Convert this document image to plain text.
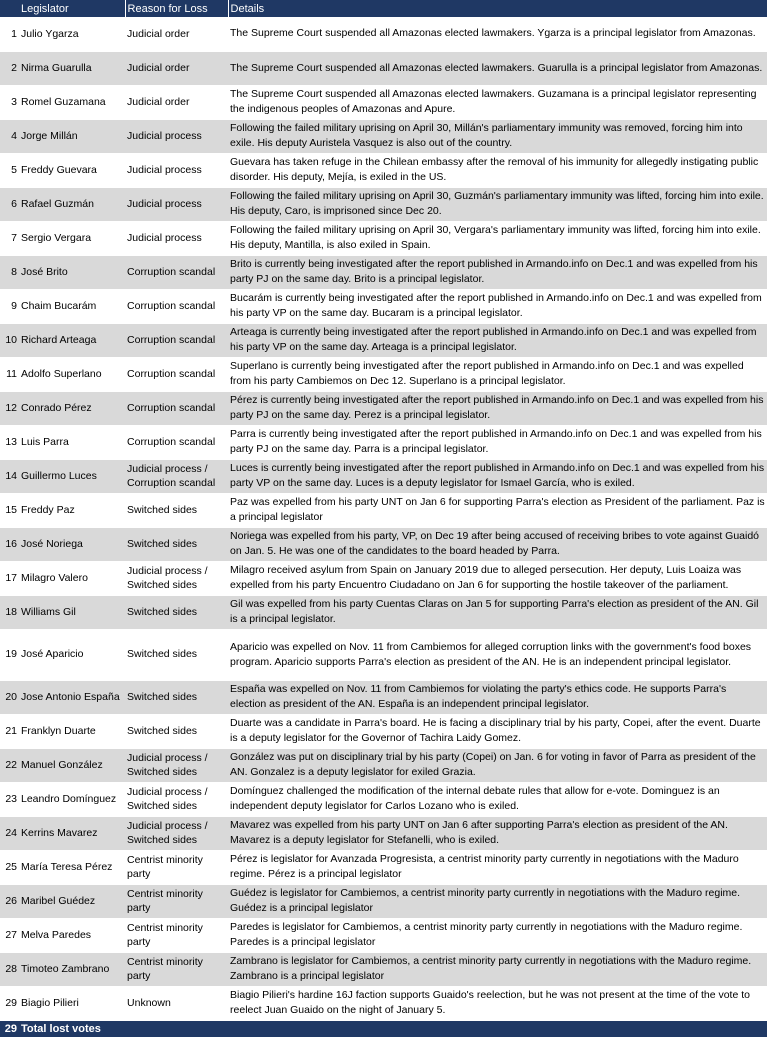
Legislator		Reason for Loss	Details
1	Julio Ygarza	Judicial order	The Supreme Court suspended all Amazonas elected lawmakers. Ygarza is a principal legislator from Amazonas.
2	Nirma Guarulla	Judicial order	The Supreme Court suspended all Amazonas elected lawmakers. Guarulla is a principal legislator from Amazonas.
3	Romel Guzamana	Judicial order	The Supreme Court suspended all Amazonas elected lawmakers. Guzamana is a principal legislator representing the indigenous peoples of Amazonas and Apure.
4	Jorge Millán	Judicial process	Following the failed military uprising on April 30, Millán's parliamentary immunity was removed, forcing him into exile. His deputy Auristela Vasquez is also out of the country.
5	Freddy Guevara	Judicial process	Guevara has taken refuge in the Chilean embassy after the removal of his immunity for allegedly instigating public disorder. His deputy, Mejía, is exiled in the US.
6	Rafael Guzmán	Judicial process	Following the failed military uprising on April 30, Guzmán's parliamentary immunity was lifted, forcing him into exile. His deputy, Caro, is imprisoned since Dec 20.
7	Sergio Vergara	Judicial process	Following the failed military uprising on April 30, Vergara's parliamentary immunity was lifted, forcing him into exile. His deputy, Mantilla, is also exiled in Spain.
8	José Brito	Corruption scandal	Brito is currently being investigated after the report published in Armando.info on Dec.1 and was expelled from his party PJ on the same day. Brito is a principal legislator.
9	Chaim Bucarám	Corruption scandal	Bucarám is currently being investigated after the report published in Armando.info on Dec.1 and was expelled from his party VP on the same day. Bucaram is a principal legislator.
10	Richard Arteaga	Corruption scandal	Arteaga is currently being investigated after the report published in Armando.info on Dec.1 and was expelled from his party VP on the same day. Arteaga is a principal legislator.
11	Adolfo Superlano	Corruption scandal	Superlano is currently being investigated after the report published in Armando.info on Dec.1 and was expelled from his party Cambiemos on Dec 12. Superlano is a principal legislator.
12	Conrado Pérez	Corruption scandal	Pérez is currently being investigated after the report published in Armando.info on Dec.1 and was expelled from his party PJ on the same day. Perez is a principal legislator.
13	Luis Parra	Corruption scandal	Parra is currently being investigated after the report published in Armando.info on Dec.1 and was expelled from his party PJ on the same day. Parra is a principal legislator.
14	Guillermo Luces	Judicial process / Corruption scandal	Luces is currently being investigated after the report published in Armando.info on Dec.1 and was expelled from his party VP on the same day. Luces is a deputy legislator for Ismael García, who is exiled.
15	Freddy Paz	Switched sides	Paz was expelled from his party UNT on Jan 6 for supporting Parra's election as President of the parliament. Paz is a principal legislator
16	José Noriega	Switched sides	Noriega was expelled from his party, VP, on Dec 19 after being accused of receiving bribes to vote against Guaidó on Jan. 5. He was one of the candidates to the board headed by Parra.
17	Milagro Valero	Judicial process / Switched sides	Milagro received asylum from Spain on January 2019 due to alleged persecution. Her deputy, Luis Loaiza was expelled from his party Encuentro Ciudadano on Jan 6 for supporting the hostile takeover of the parliament.
18	Williams Gil	Switched sides	Gil was expelled from his party Cuentas Claras on Jan 5 for supporting Parra's election as president of the AN. Gil is a principal legislator.
19	José Aparicio	Switched sides	Aparicio was expelled on Nov. 11 from Cambiemos for alleged corruption links with the government's food boxes program. Aparicio supports Parra's election as president of the AN. He is an independent principal legislator.
20	Jose Antonio España	Switched sides	España was expelled on Nov. 11 from Cambiemos for violating the party's ethics code. He supports Parra's election as president of the AN. España is an independent principal legislator.
21	Franklyn Duarte	Switched sides	Duarte was a candidate in Parra's board. He is facing a disciplinary trial by his party, Copei, after the event. Duarte is a deputy legislator for the Governor of Tachira Laidy Gomez.
22	Manuel González	Judicial process / Switched sides	González was put on disciplinary trial by his party (Copei) on Jan. 6 for voting in favor of Parra as president of the AN. Gonzalez is a deputy legislator for exiled Grazia.
23	Leandro Domínguez	Judicial process / Switched sides	Domínguez challenged the modification of the internal debate rules that allow for e-vote. Dominguez is an independent deputy legislator for Carlos Lozano who is exiled.
24	Kerrins Mavarez	Judicial process / Switched sides	Mavarez was expelled from his party UNT on Jan 6 after supporting Parra's election as president of the AN. Mavarez is a deputy legislator for Stefanelli, who is exiled.
25	María Teresa Pérez	Centrist minority party	Pérez is legislator for Avanzada Progresista, a centrist minority party currently in negotiations with the Maduro regime. Pérez is a principal legislator
26	Maribel Guédez	Centrist minority party	Guédez is legislator for Cambiemos, a centrist minority party currently in negotiations with the Maduro regime. Guédez is a principal legislator
27	Melva Paredes	Centrist minority party	Paredes is legislator for Cambiemos, a centrist minority party currently in negotiations with the Maduro regime. Paredes is a principal legislator
28	Timoteo Zambrano	Centrist minority party	Zambrano is legislator for Cambiemos, a centrist minority party currently in negotiations with the Maduro regime. Zambrano is a principal legislator
29	Biagio Pilieri	Unknown	Biagio Pilieri's hardine 16J faction supports Guaido's reelection, but he was not present at the time of the vote to reelect Juan Guaido on the night of January 5.
29	Total lost votes		
